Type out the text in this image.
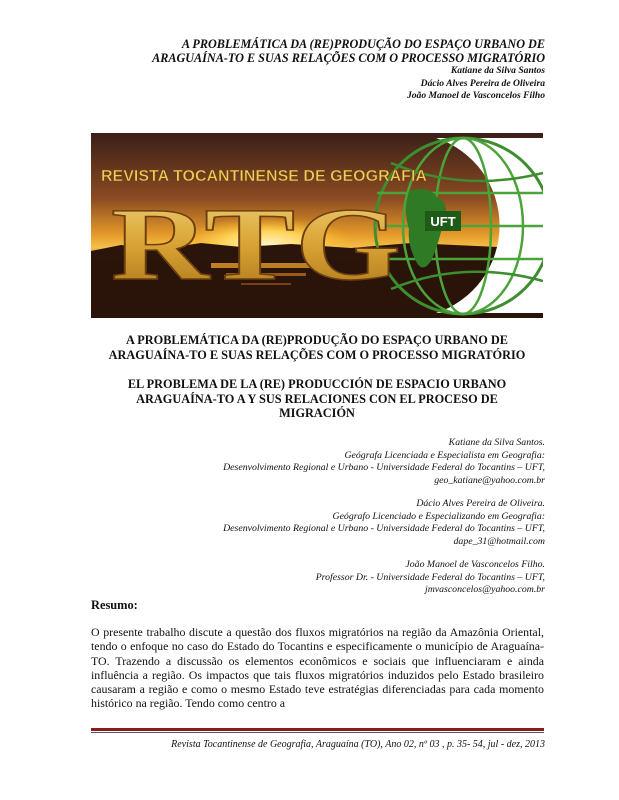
A PROBLEMÁTICA DA (RE)PRODUÇÃO DO ESPAÇO URBANO DE
ARAGUAÍNA-TO E SUAS RELAÇÕES COM O PROCESSO MIGRATÓRIO
Katiane da Silva Santos
Dácio Alves Pereira de Oliveira
João Manoel de Vasconcelos Filho
UFT
REVISTA TOCANTINENSE DE GEOGRAFIA
RTG
A PROBLEMÁTICA DA (RE)PRODUÇÃO DO ESPAÇO URBANO DE
ARAGUAÍNA-TO E SUAS RELAÇÕES COM O PROCESSO MIGRATÓRIO
EL PROBLEMA DE LA (RE) PRODUCCIÓN DE ESPACIO URBANO
ARAGUAÍNA-TO A Y SUS RELACIONES CON EL PROCESO DE
MIGRACIÓN
Katiane da Silva Santos.
Geógrafa Licenciada e Especialista em Geografia:
Desenvolvimento Regional e Urbano - Universidade Federal do Tocantins – UFT,
geo_katiane@yahoo.com.br
Dácio Alves Pereira de Oliveira.
Geógrafo Licenciado e Especializando em Geografia:
Desenvolvimento Regional e Urbano - Universidade Federal do Tocantins – UFT,
dape_31@hotmail.com
João Manoel de Vasconcelos Filho.
Professor Dr. - Universidade Federal do Tocantins – UFT,
jmvasconcelos@yahoo.com.br
Resumo:

O presente trabalho discute a questão dos fluxos migratórios na região da Amazônia Oriental, tendo o enfoque no caso do Estado do Tocantins e especificamente o município de Araguaína-TO. Trazendo a discussão os elementos econômicos e sociais que influenciaram e ainda influência a região. Os impactos que tais fluxos migratórios induzidos pelo Estado brasileiro causaram a região e como o mesmo Estado teve estratégias diferenciadas para cada momento histórico na região. Tendo como centro a

Revista Tocantinense de Geografia, Araguaína (TO), Ano 02, nº 03 , p. 35- 54, jul - dez, 2013
